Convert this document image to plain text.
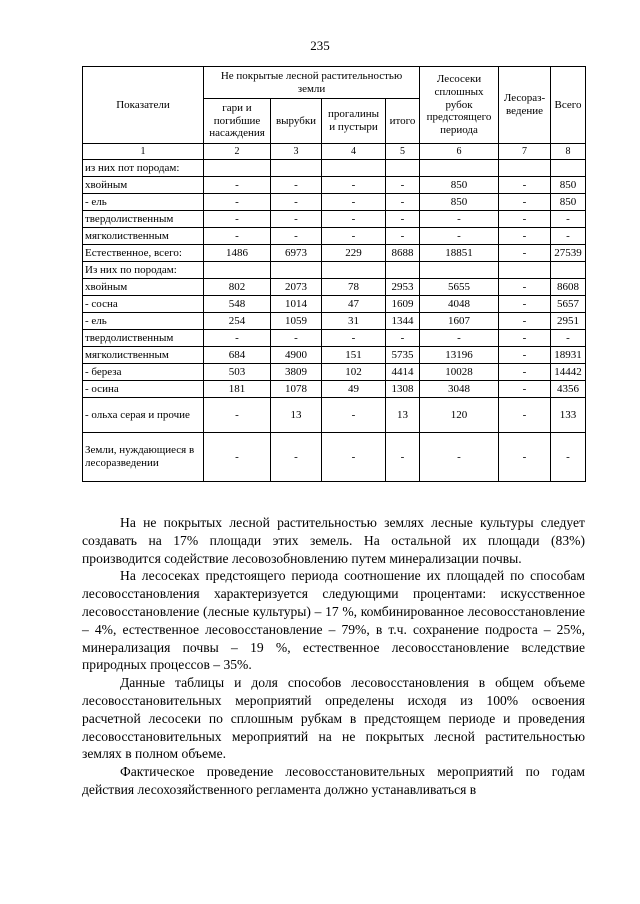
235
Показатели	Не покрытые лесной растительностью земли				Лесосеки сплошных рубок предстоящего периода	Лесораз-ведение	Всего
	гари и погибшие насаждения	вырубки	прогалины и пустыри	итого			
1	2	3	4	5	6	7	8
из них пот породам:							
хвойным	-	-	-	-	850	-	850
- ель	-	-	-	-	850	-	850
твердолиственным	-	-	-	-	-	-	-
мягколиственным	-	-	-	-	-	-	-
Естественное, всего:	1486	6973	229	8688	18851	-	27539
Из них по породам:							
хвойным	802	2073	78	2953	5655	-	8608
- сосна	548	1014	47	1609	4048	-	5657
- ель	254	1059	31	1344	1607	-	2951
твердолиственным	-	-	-	-	-	-	-
мягколиственным	684	4900	151	5735	13196	-	18931
- береза	503	3809	102	4414	10028	-	14442
- осина	181	1078	49	1308	3048	-	4356
- ольха серая и прочие	-	13	-	13	120	-	133
Земли, нуждающиеся в лесоразведении	-	-	-	-	-	-	-

На не покрытых лесной растительностью землях лесные культуры следует создавать на 17% площади этих земель. На остальной их площади (83%) производится содействие лесовозобновлению путем минерализации почвы.

На лесосеках предстоящего периода соотношение их площадей по способам лесовосстановления характеризуется следующими процентами: искусственное лесовосстановление (лесные культуры) – 17 %, комбинированное лесовосстановление – 4%, естественное лесовосстановление – 79%, в т.ч. сохранение подроста – 25%, минерализация почвы – 19 %, естественное лесовосстановление вследствие природных процессов – 35%.

Данные таблицы и доля способов лесовосстановления в общем объеме лесовосстановительных мероприятий определены исходя из 100% освоения расчетной лесосеки по сплошным рубкам в предстоящем периоде и проведения лесовосстановительных мероприятий на не покрытых лесной растительностью землях в полном объеме.

Фактическое проведение лесовосстановительных мероприятий по годам действия лесохозяйственного регламента должно устанавливаться в
